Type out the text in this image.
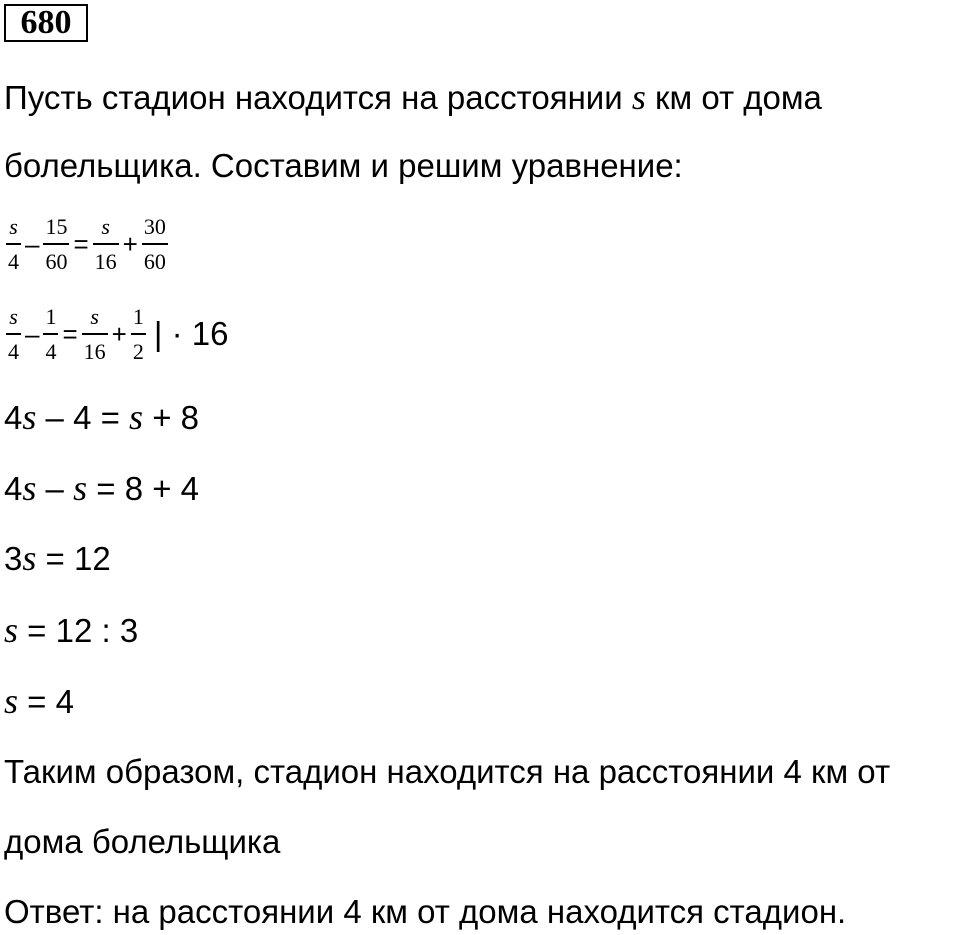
680
Пусть стадион находится на расстоянии s км от дома
болельщика. Составим и решим уравнение:
$\frac{s}{4} - \frac{15}{60} = \frac{s}{16} + \frac{30}{60}$
$\frac{s}{4} - \frac{1}{4} = \frac{s}{16} + \frac{1}{2}$ | · 16
4s – 4 = s + 8
4s – s = 8 + 4
3s = 12
s = 12 : 3
s = 4
Таким образом, стадион находится на расстоянии 4 км от
дома болельщика
Ответ: на расстоянии 4 км от дома находится стадион.
